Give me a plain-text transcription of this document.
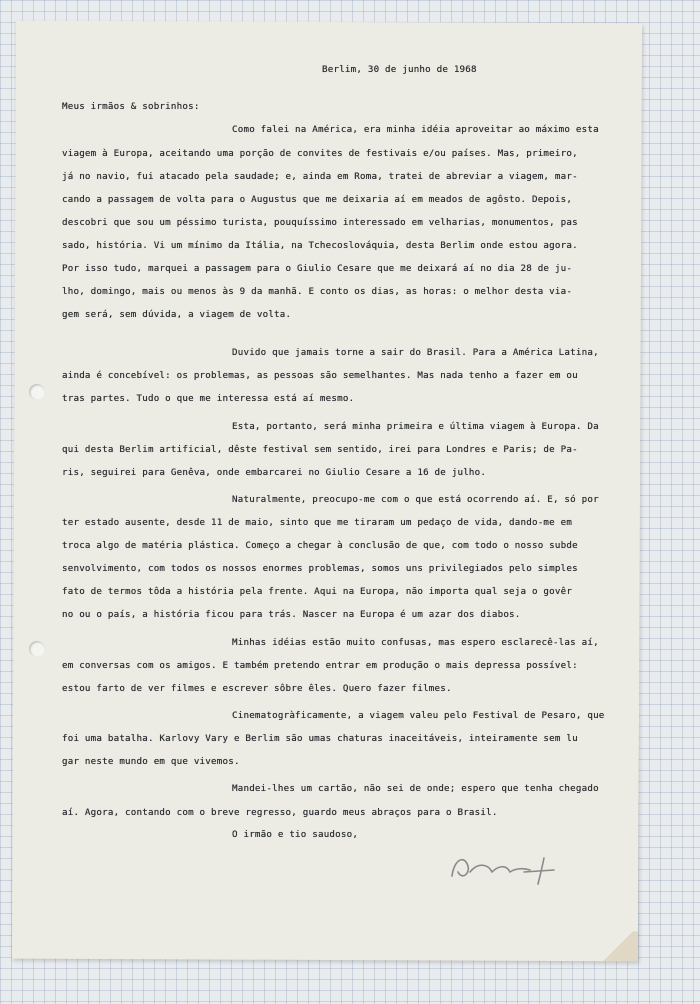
Berlim, 30 de junho de 1968

Meus irmãos & sobrinhos:

Como falei na América, era minha idéia aproveitar ao máximo esta

viagem à Europa, aceitando uma porção de convites de festivais e/ou países. Mas, primeiro,

já no navio, fui atacado pela saudade; e, ainda em Roma, tratei de abreviar a viagem, mar-

cando a passagem de volta para o Augustus que me deixaria aí em meados de agôsto. Depois,

descobri que sou um péssimo turista, pouquíssimo interessado em velharias, monumentos, pas

sado, história. Vi um mínimo da Itália, na Tchecoslováquia, desta Berlim onde estou agora.

Por isso tudo, marquei a passagem para o Giulio Cesare que me deixará aí no dia 28 de ju-

lho, domingo, mais ou menos às 9 da manhã. E conto os dias, as horas: o melhor desta via-

gem será, sem dúvida, a viagem de volta.

Duvido que jamais torne a sair do Brasil. Para a América Latina,

ainda é concebível: os problemas, as pessoas são semelhantes. Mas nada tenho a fazer em ou

tras partes. Tudo o que me interessa está aí mesmo.

Esta, portanto, será minha primeira e última viagem à Europa. Da

qui desta Berlim artificial, dêste festival sem sentido, irei para Londres e Paris; de Pa-

ris, seguirei para Genêva, onde embarcarei no Giulio Cesare a 16 de julho.

Naturalmente, preocupo-me com o que está ocorrendo aí. E, só por

ter estado ausente, desde 11 de maio, sinto que me tiraram um pedaço de vida, dando-me em

troca algo de matéria plástica. Começo a chegar à conclusão de que, com todo o nosso subde

senvolvimento, com todos os nossos enormes problemas, somos uns privilegiados pelo simples

fato de termos tôda a história pela frente. Aqui na Europa, não importa qual seja o govêr

no ou o país, a história ficou para trás. Nascer na Europa é um azar dos diabos.

Minhas idéias estão muito confusas, mas espero esclarecê-las aí,

em conversas com os amigos. E também pretendo entrar em produção o mais depressa possível:

estou farto de ver filmes e escrever sôbre êles. Quero fazer filmes.

Cinematogràficamente, a viagem valeu pelo Festival de Pesaro, que

foi uma batalha. Karlovy Vary e Berlim são umas chaturas inaceitáveis, inteiramente sem lu

gar neste mundo em que vivemos.

Mandei-lhes um cartão, não sei de onde; espero que tenha chegado

aí. Agora, contando com o breve regresso, guardo meus abraços para o Brasil.

O irmão e tio saudoso,
